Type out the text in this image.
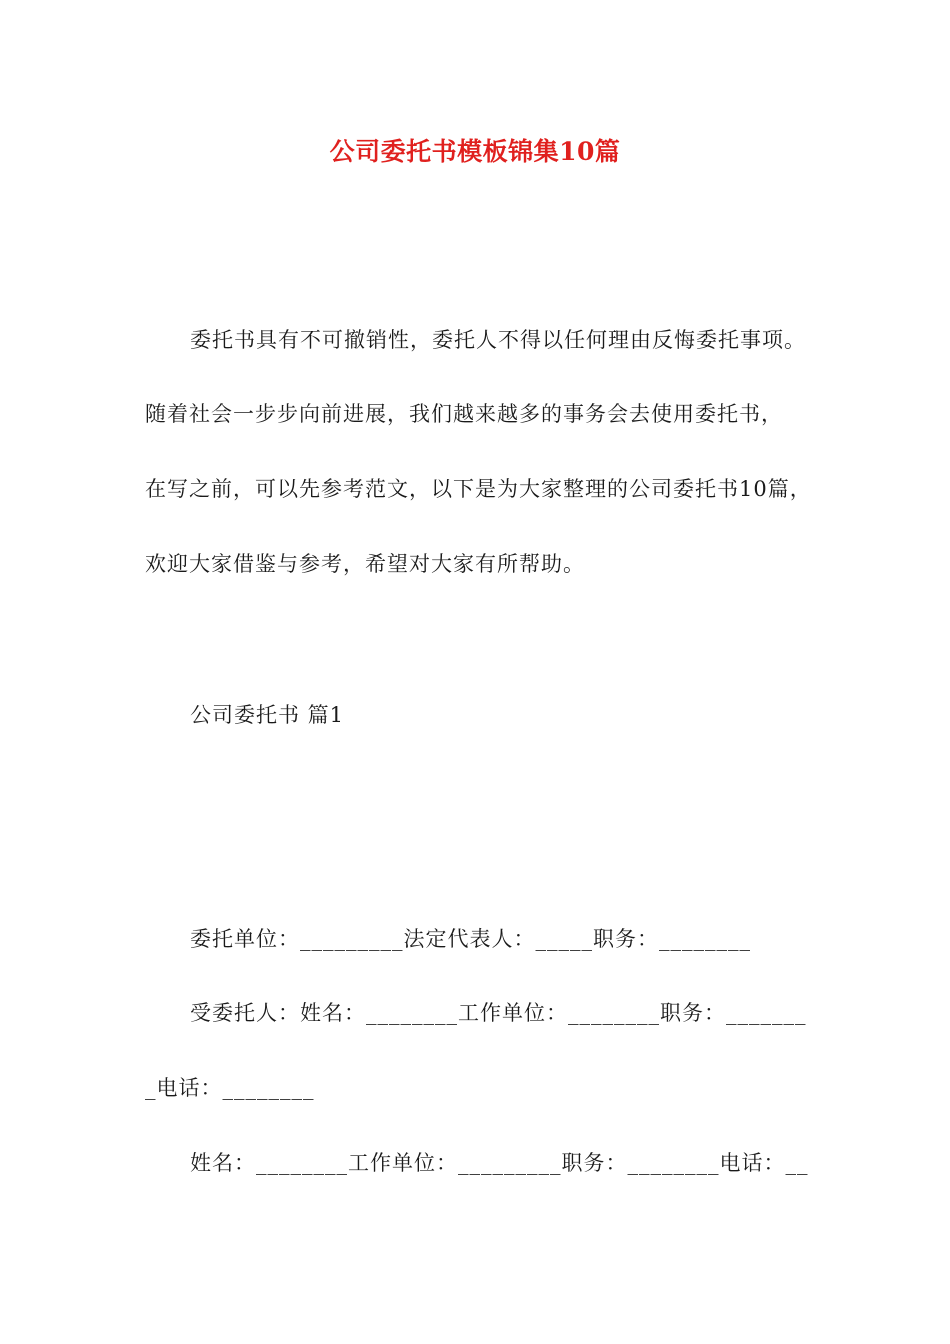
公司委托书模板锦集10篇
委托书具有不可撤销性，委托人不得以任何理由反悔委托事项。
随着社会一步步向前进展，我们越来越多的事务会去使用委托书，
在写之前，可以先参考范文，以下是为大家整理的公司委托书10篇，
欢迎大家借鉴与参考，希望对大家有所帮助。
公司委托书 篇1
委托单位：_________法定代表人：_____职务：________
受委托人：姓名：________工作单位：________职务：_______
_电话：________
姓名：________工作单位：_________职务：________电话：__
